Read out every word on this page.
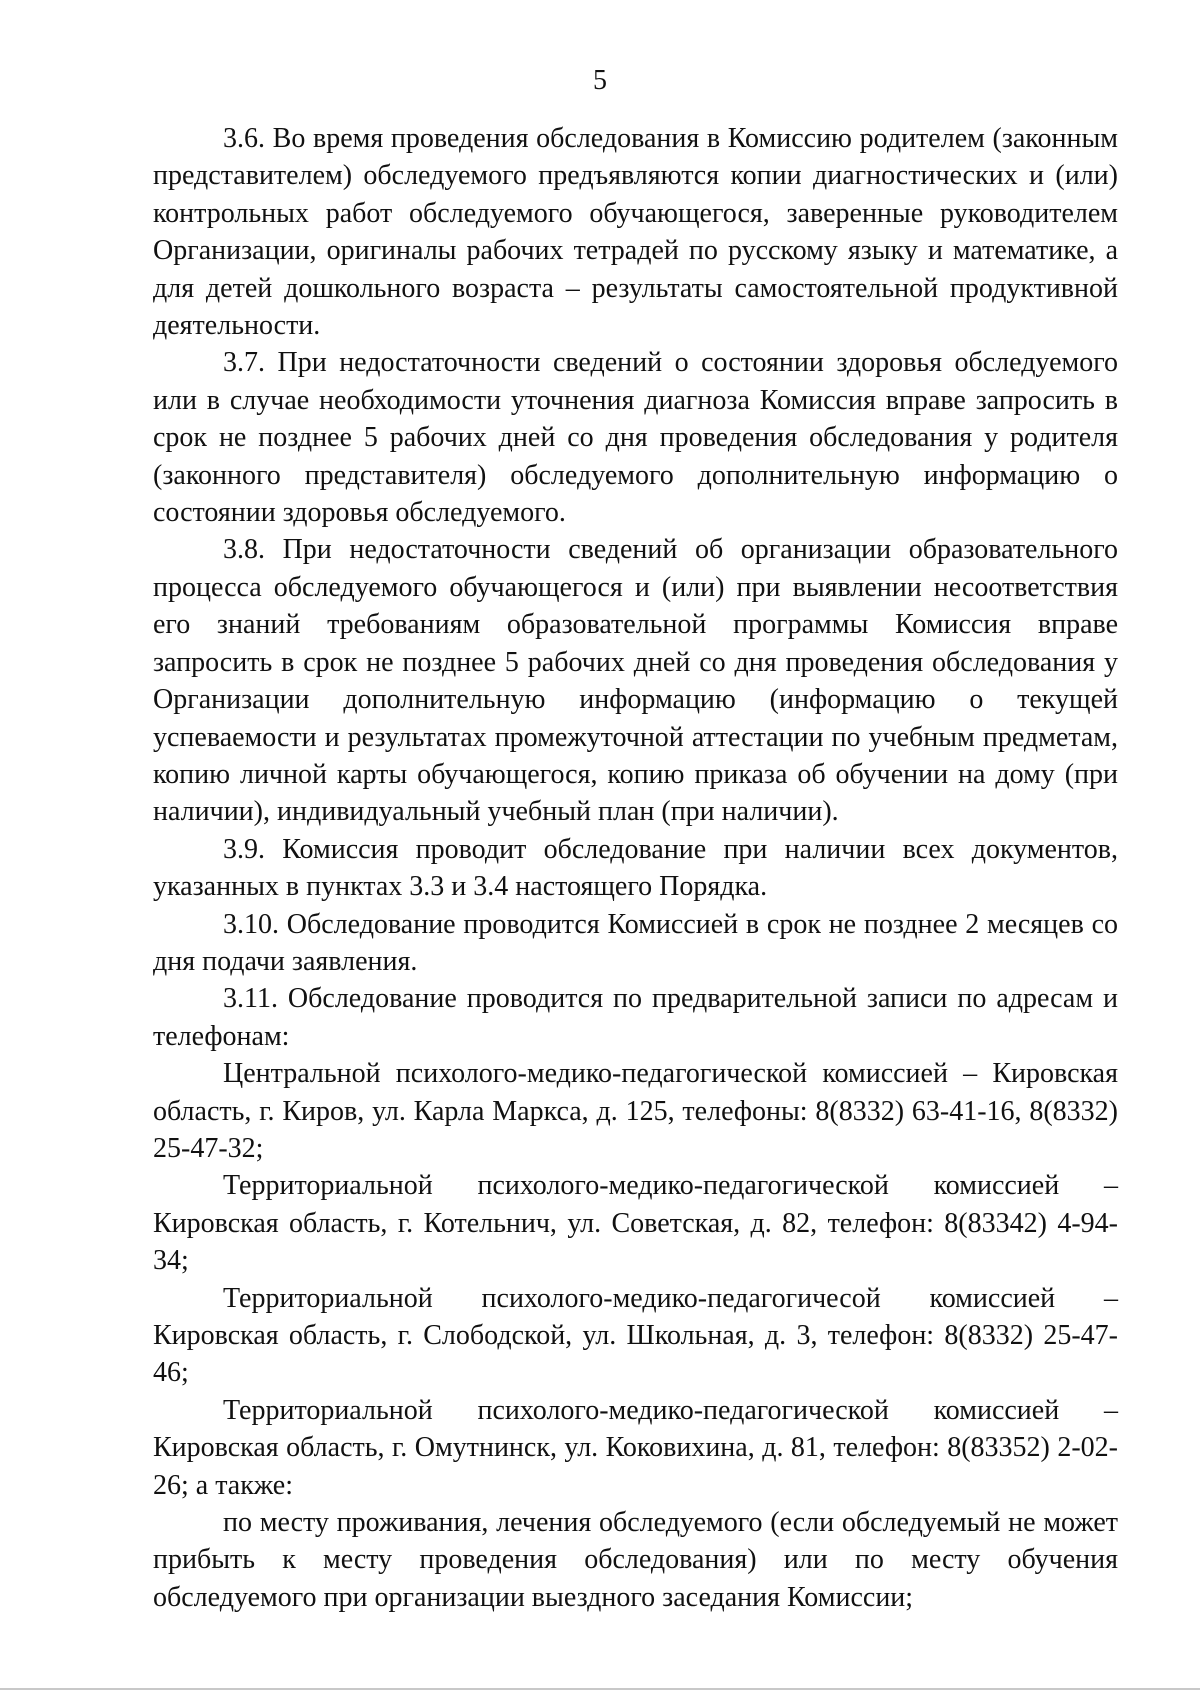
5

3.6. Во время проведения обследования в Комиссию родителем (законным представителем) обследуемого предъявляются копии диагностических и (или) контрольных работ обследуемого обучающегося, заверенные руководителем Организации, оригиналы рабочих тетрадей по русскому языку и математике, а для детей дошкольного возраста – результаты самостоятельной продуктивной деятельности.

3.7. При недостаточности сведений о состоянии здоровья обследуемого или в случае необходимости уточнения диагноза Комиссия вправе запросить в срок не позднее 5 рабочих дней со дня проведения обследования у родителя (законного представителя) обследуемого дополнительную информацию о состоянии здоровья обследуемого.

3.8. При недостаточности сведений об организации образовательного процесса обследуемого обучающегося и (или) при выявлении несоответствия его знаний требованиям образовательной программы Комиссия вправе запросить в срок не позднее 5 рабочих дней со дня проведения обследования у Организации дополнительную информацию (информацию о текущей успеваемости и результатах промежуточной аттестации по учебным предметам, копию личной карты обучающегося, копию приказа об обучении на дому (при наличии), индивидуальный учебный план (при наличии).

3.9. Комиссия проводит обследование при наличии всех документов, указанных в пунктах 3.3 и 3.4 настоящего Порядка.

3.10. Обследование проводится Комиссией в срок не позднее 2 месяцев со дня подачи заявления.

3.11. Обследование проводится по предварительной записи по адресам и телефонам:

Центральной психолого-медико-педагогической комиссией – Кировская область, г. Киров, ул. Карла Маркса, д. 125, телефоны: 8(8332) 63-41-16, 8(8332) 25-47-32;

Территориальной психолого-медико-педагогической комиссией – Кировская область, г. Котельнич, ул. Советская, д. 82, телефон: 8(83342) 4-94-34;

Территориальной психолого-медико-педагогичесой комиссией – Кировская область, г. Слободской, ул. Школьная, д. 3, телефон: 8(8332) 25-47-46;

Территориальной психолого-медико-педагогической комиссией – Кировская область, г. Омутнинск, ул. Коковихина, д. 81, телефон: 8(83352) 2-02-26; а также:

по месту проживания, лечения обследуемого (если обследуемый не может прибыть к месту проведения обследования) или по месту обучения обследуемого при организации выездного заседания Комиссии;
